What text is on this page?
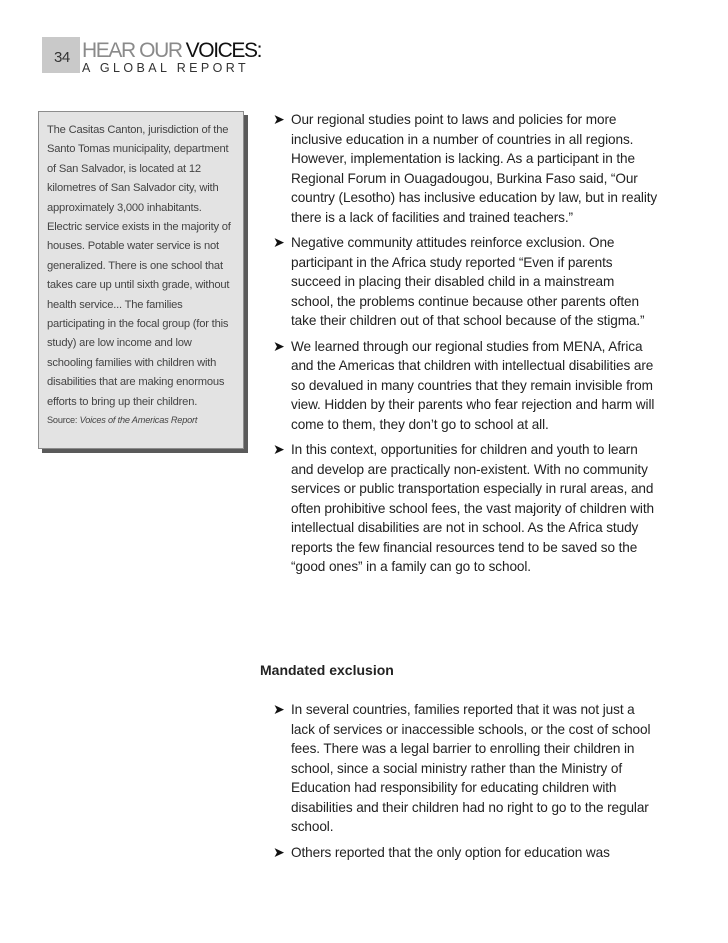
34 HEAR OUR VOICES:
A GLOBAL REPORT

The Casitas Canton, jurisdiction of the Santo Tomas municipality, department of San Salvador, is located at 12 kilometres of San Salvador city, with approximately 3,000 inhabitants. Electric service exists in the majority of houses. Potable water service is not generalized. There is one school that takes care up until sixth grade, without health service... The families participating in the focal group (for this study) are low income and low schooling families with children with disabilities that are making enormous efforts to bring up their children.

Source: Voices of the Americas Report
➤ Our regional studies point to laws and policies for more inclusive education in a number of countries in all regions. However, implementation is lacking. As a participant in the Regional Forum in Ouagadougou, Burkina Faso said, “Our country (Lesotho) has inclusive education by law, but in reality there is a lack of facilities and trained teachers.”
➤ Negative community attitudes reinforce exclusion. One participant in the Africa study reported “Even if parents succeed in placing their disabled child in a mainstream school, the problems continue because other parents often take their children out of that school because of the stigma.”
➤ We learned through our regional studies from MENA, Africa and the Americas that children with intellectual disabilities are so devalued in many countries that they remain invisible from view. Hidden by their parents who fear rejection and harm will come to them, they don’t go to school at all.
➤ In this context, opportunities for children and youth to learn and develop are practically non-existent. With no community services or public transportation especially in rural areas, and often prohibitive school fees, the vast majority of children with intellectual disabilities are not in school. As the Africa study reports the few financial resources tend to be saved so the “good ones” in a family can go to school.
Mandated exclusion
➤ In several countries, families reported that it was not just a lack of services or inaccessible schools, or the cost of school fees. There was a legal barrier to enrolling their children in school, since a social ministry rather than the Ministry of Education had responsibility for educating children with disabilities and their children had no right to go to the regular school.
➤ Others reported that the only option for education was
